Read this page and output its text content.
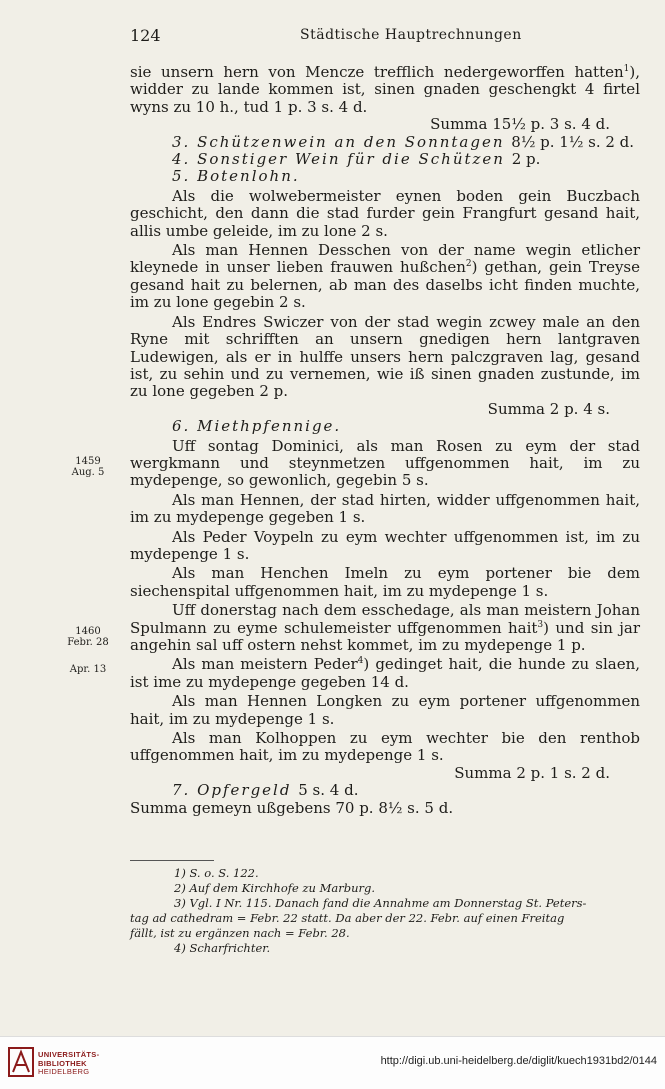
124	Städtische Hauptrechnungen

sie unsern hern von Mencze trefflich nedergeworffen hatten$^1$), widder zu lande kommen ist, sinen gnaden geschengkt 4 firtel wyns zu 10 h., tud 1 p. 3 s. 4 d.
Summa 15½ p. 3 s. 4 d.

3. Schützenwein an den Sonntagen 8½ p. 1½ s. 2 d.

4. Sonstiger Wein für die Schützen 2 p.

5. Botenlohn.

Als die wolwebermeister eynen boden gein Buczbach geschicht, den dann die stad furder gein Frangfurt gesand hait, allis umbe geleide, im zu lone 2 s.

Als man Hennen Desschen von der name wegin etlicher kleynede in unser lieben frauwen hußchen$^2$) gethan, gein Treyse gesand hait zu belernen, ab man des daselbs icht finden muchte, im zu lone gegebin 2 s.

Als Endres Swiczer von der stad wegin zcwey male an den Ryne mit schrifften an unsern gnedigen hern lantgraven Ludewigen, als er in hulffe unsers hern palczgraven lag, gesand ist, zu sehin und zu vernemen, wie iß sinen gnaden zustunde, im zu lone gegeben 2 p.
Summa 2 p. 4 s.

6. Miethpfennige.

Uff sontag Dominici, als man Rosen zu eym der stad wergkmann und steynmetzen uffgenommen hait, im zu mydepenge, so gewonlich, gegebin 5 s.

Als man Hennen, der stad hirten, widder uffgenommen hait, im zu mydepenge gegeben 1 s.

Als Peder Voypeln zu eym wechter uffgenommen ist, im zu mydepenge 1 s.

Als man Henchen Imeln zu eym portener bie dem siechenspital uffgenommen hait, im zu mydepenge 1 s.

Uff donerstag nach dem esschedage, als man meistern Johan Spulmann zu eyme schulemeister uffgenommen hait$^3$) und sin jar angehin sal uff ostern nehst kommet, im zu mydepenge 1 p.

Als man meistern Peder$^4$) gedinget hait, die hunde zu slaen, ist ime zu mydepenge gegeben 14 d.

Als man Hennen Longken zu eym portener uffgenommen hait, im zu mydepenge 1 s.

Als man Kolhoppen zu eym wechter bie den renthob uffgenommen hait, im zu mydepenge 1 s.
Summa 2 p. 1 s. 2 d.

7. Opfergeld 5 s. 4 d.

Summa gemeyn ußgebens 70 p. 8½ s. 5 d.

1459
Aug. 5
1460
Febr. 28
Apr. 13

1) S. o. S. 122.

2) Auf dem Kirchhofe zu Marburg.

3) Vgl. I Nr. 115. Danach fand die Annahme am Donnerstag St. Peters-

tag ad cathedram = Febr. 22 statt. Da aber der 22. Febr. auf einen Freitag

fällt, ist zu ergänzen nach = Febr. 28.

4) Scharfrichter.

UNIVERSITÄTS-
BIBLIOTHEK
HEIDELBERG
http://digi.ub.uni-heidelberg.de/diglit/kuech1931bd2/0144
